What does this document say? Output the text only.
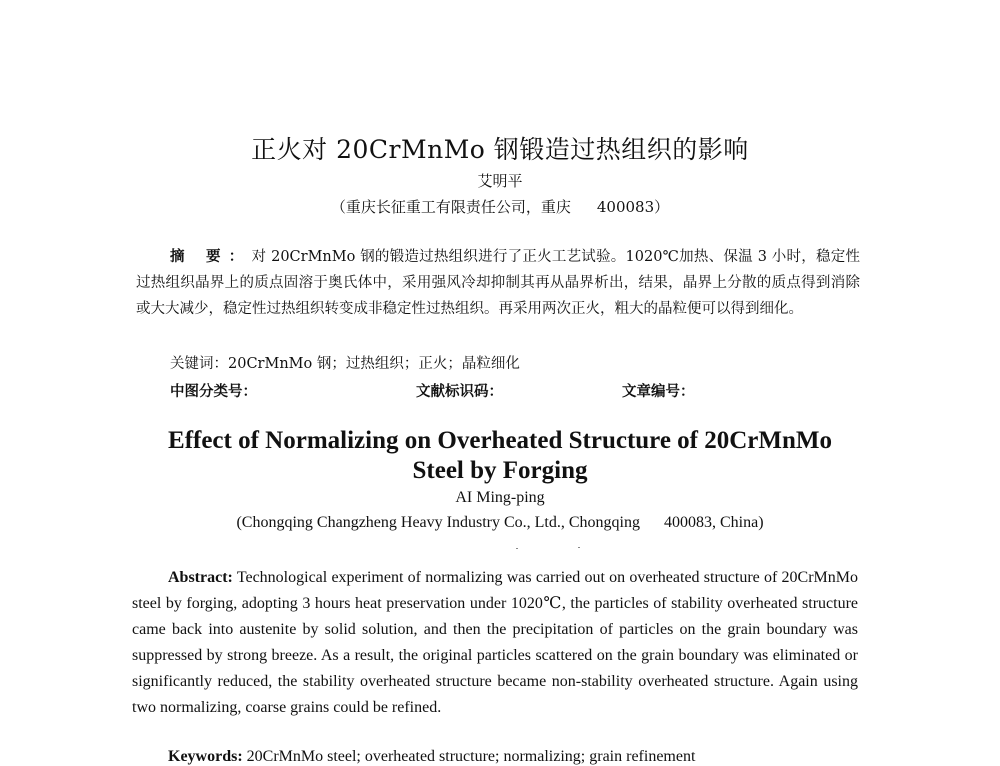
正火对 20CrMnMo 钢锻造过热组织的影响
艾明平
（重庆长征重工有限责任公司，重庆 400083）

摘 要：对 20CrMnMo 钢的锻造过热组织进行了正火工艺试验。1020℃加热、保温 3 小时，稳定性过热组织晶界上的质点固溶于奥氏体中，采用强风冷却抑制其再从晶界析出，结果，晶界上分散的质点得到消除或大大减少，稳定性过热组织转变成非稳定性过热组织。再采用两次正火，粗大的晶粒便可以得到细化。

关键词：20CrMnMo 钢；过热组织；正火；晶粒细化
中图分类号：	文献标识码：	文章编号：
Effect of Normalizing on Overheated Structure of 20CrMnMo
Steel by Forging
AI Ming-ping
(Chongqing Changzheng Heavy Industry Co., Ltd., Chongqing 400083, China)

Abstract: Technological experiment of normalizing was carried out on overheated structure of 20CrMnMo steel by forging, adopting 3 hours heat preservation under 1020℃, the particles of stability overheated structure came back into austenite by solid solution, and then the precipitation of particles on the grain boundary was suppressed by strong breeze. As a result, the original particles scattered on the grain boundary was eliminated or significantly reduced, the stability overheated structure became non-stability overheated structure. Again using two normalizing, coarse grains could be refined.

Keywords: 20CrMnMo steel; overheated structure; normalizing; grain refinement
